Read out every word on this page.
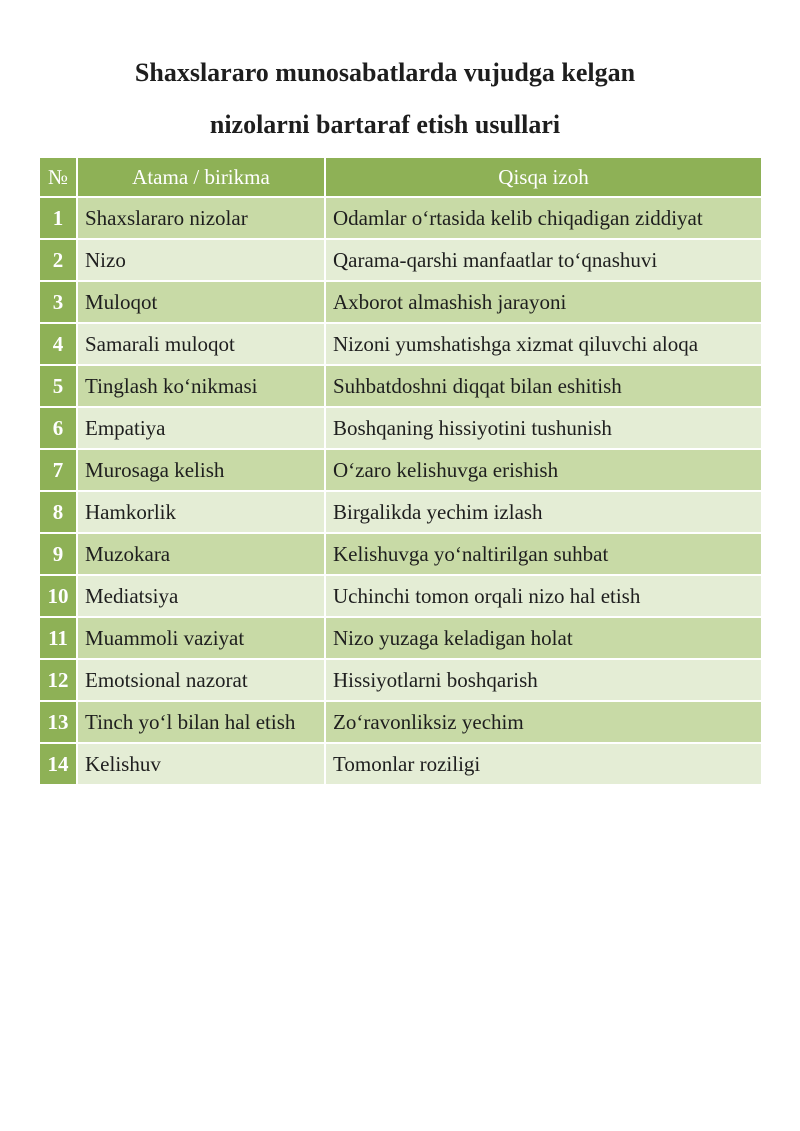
Shaxslararo munosabatlarda vujudga kelgan
nizolarni bartaraf etish usullari
№	Atama / birikma	Qisqa izoh
1	Shaxslararo nizolar	Odamlar o‘rtasida kelib chiqadigan ziddiyat
2	Nizo	Qarama-qarshi manfaatlar to‘qnashuvi
3	Muloqot	Axborot almashish jarayoni
4	Samarali muloqot	Nizoni yumshatishga xizmat qiluvchi aloqa
5	Tinglash ko‘nikmasi	Suhbatdoshni diqqat bilan eshitish
6	Empatiya	Boshqaning hissiyotini tushunish
7	Murosaga kelish	O‘zaro kelishuvga erishish
8	Hamkorlik	Birgalikda yechim izlash
9	Muzokara	Kelishuvga yo‘naltirilgan suhbat
10	Mediatsiya	Uchinchi tomon orqali nizo hal etish
11	Muammoli vaziyat	Nizo yuzaga keladigan holat
12	Emotsional nazorat	Hissiyotlarni boshqarish
13	Tinch yo‘l bilan hal etish	Zo‘ravonliksiz yechim
14	Kelishuv	Tomonlar roziligi
